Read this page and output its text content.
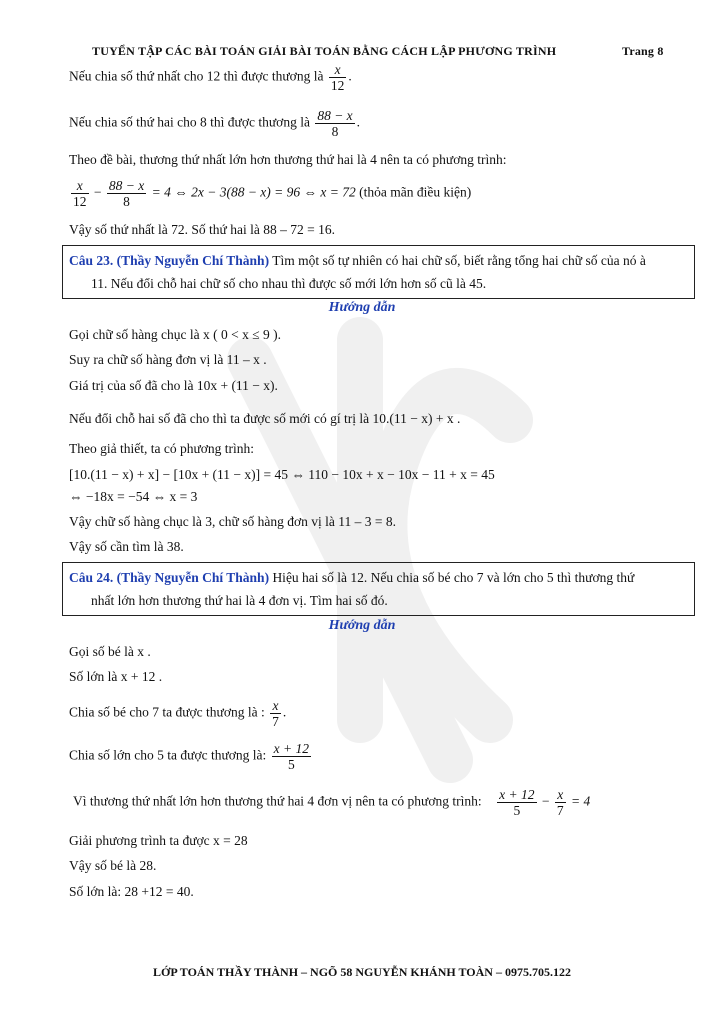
TUYỂN TẬP CÁC BÀI TOÁN GIẢI BÀI TOÁN BẰNG CÁCH LẬP PHƯƠNG TRÌNH	Trang 8
Nếu chia số thứ nhất cho 12 thì được thương là $\frac{x}{12}$ .
Nếu chia số thứ hai cho 8 thì được thương là $\frac{88 - x}{8}$ .
Theo đề bài, thương thứ nhất lớn hơn thương thứ hai là 4 nên ta có phương trình:
$\frac{x}{12} - \frac{88 - x}{8} = 4$ ⇔ 2x − 3(88 − x) = 96 ⇔ x = 72 (thỏa mãn điều kiện)
Vậy số thứ nhất là 72. Số thứ hai là 88 – 72 = 16.
Câu 23. (Thầy Nguyễn Chí Thành) Tìm một số tự nhiên có hai chữ số, biết rằng tổng hai chữ số của nó à
11. Nếu đổi chỗ hai chữ số cho nhau thì được số mới lớn hơn số cũ là 45.
Hướng dẫn
Gọi chữ số hàng chục là x ( 0 < x ≤ 9 ).
Suy ra chữ số hàng đơn vị là 11 – x .
Giá trị của số đã cho là 10x + (11 − x).
Nếu đổi chỗ hai số đã cho thì ta được số mới có gí trị là 10.(11 − x) + x .
Theo giả thiết, ta có phương trình:
[10.(11 − x) + x] − [10x + (11 − x)] = 45 ⇔ 110 − 10x + x − 10x − 11 + x = 45
⇔ −18x = −54 ⇔ x = 3
Vậy chữ số hàng chục là 3, chữ số hàng đơn vị là 11 – 3 = 8.
Vậy số cần tìm là 38.
Câu 24. (Thầy Nguyễn Chí Thành) Hiệu hai số là 12. Nếu chia số bé cho 7 và lớn cho 5 thì thương thứ
nhất lớn hơn thương thứ hai là 4 đơn vị. Tìm hai số đó.
Hướng dẫn
Gọi số bé là x .
Số lớn là x + 12 .
Chia số bé cho 7 ta được thương là : $\frac{x}{7}$ .
Chia số lớn cho 5 ta được thương là: $\frac{x + 12}{5}$
Vì thương thứ nhất lớn hơn thương thứ hai 4 đơn vị nên ta có phương trình: $\frac{x + 12}{5} - \frac{x}{7} = 4$
Giải phương trình ta được x = 28
Vậy số bé là 28.
Số lớn là: 28 +12 = 40.
LỚP TOÁN THẦY THÀNH – NGÕ 58 NGUYỄN KHÁNH TOÀN – 0975.705.122
